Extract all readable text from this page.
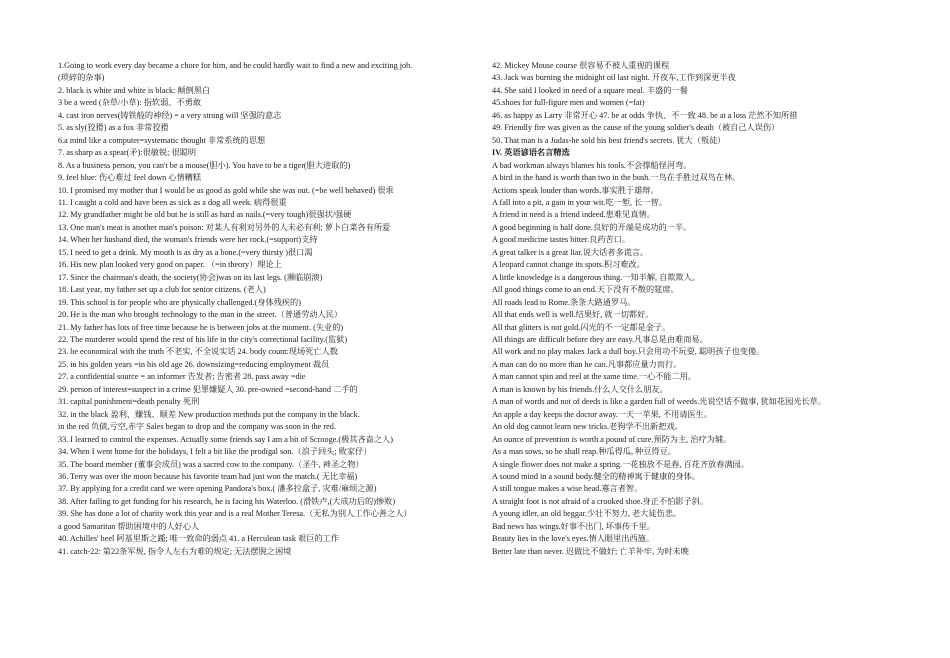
1.Going to work every day became a chore for him, and he could hardly wait to find a new and exciting job.
(琐碎的杂事)
2. black is white and white is black: 颠倒黑白
3 be a weed (杂草/小草): 指软弱、不勇敢
4. cast iron nerves(铸铁般的神经) = a very strong will 坚强的意志
5. as sly(狡猾) as a fox 非常狡猾
6.a mind like a computer=systematic thought 非常系统的思想
7. as sharp as a spear(矛):很敏锐; 很聪明
8. As a business person, you can't be a mouse(胆小). You have to be a tiger(胆大进取的)
9. feel blue: 伤心难过 feel down 心情糟糕
10. I promised my mother that I would be as good as gold while she was out. (=be well behaved) 很乖
11. I caught a cold and have been as sick as a dog all week. 病得很重
12. My grandfather might be old but he is still as hard as nails.(=very tough)很强状/强硬
13. One man's meat is another man's poison: 对某人有利对另外的人未必有利; 萝卜白菜各有所爱
14. When her husband died, the woman's friends were her rock.(=support)支持
15. I need to get a drink. My mouth is as dry as a bone.(=very thirsty )很口渴
16. His new plan looked very good on paper. （=in theory）理论上
17. Since the chairman's death, the society(协会)was on its last legs. (濒临崩溃)
18. Last year, my father set up a club for senior citizens. (老人)
19. This school is for people who are physically challenged.(身体残疾的)
20. He is the man who brought technology to the man in the street.（普通劳动人民）
21. My father has lots of free time because he is between jobs at the moment. (失业的)
22. The murderer would spend the rest of his life in the city's correctional facility.(监狱)
23. be economical with the truth 不老实, 不全说实话 24. body count:现场死亡人数
25. in his golden years =in his old age 26. downsizing=reducing employment 裁员
27. a confidential source = an informer 告发者; 告密者 28. pass away =die
29. person of interest=suspect in a crime 犯罪嫌疑人 30. pre-owned =second-hand 二手的
31. capital punishment=death penalty 死刑
32. in the black 盈利、赚钱、顺差 New production methods put the company in the black.
in the red 负债,亏空,赤字 Sales began to drop and the company was soon in the red.
33. I learned to control the expenses. Actually some friends say I am a bit of Scrooge.(极其吝啬之人)
34. When I went home for the holidays, I felt a bit like the prodigal son.（浪子回头; 败家仔）
35. The board member (董事会成员) was a sacred cow to the company.（圣牛, 神圣之物）
36. Terry was over the moon because his favorite team had just won the match.( 无比幸福)
37. By applying for a credit card we were opening Pandora's box.( 潘多拉盒子, 灾难/麻烦之源)
38. After failing to get funding for his research, he is facing his Waterloo. (滑铁卢,(大成功后的)惨败)
39. She has done a lot of charity work this year and is a real Mother Teresa.（无私为别人工作心善之人）
a good Samaritan 帮助困境中的人好心人
40. Achilles' heel 阿基里斯之踵; 唯一致命的弱点 41. a Herculean task 艰巨的工作
41. catch-22: 第22条军规, 指令人左右为难的规定; 无法摆脱之困境
42. Mickey Mouse course 很容易不被人重视的课程
43. Jack was burning the midnight oil last night. 开夜车,工作到深更半夜
44. She said I looked in need of a square meal. 丰盛的一餐
45.shoes for full-figure men and women (=fat)
46. as happy as Larry 非常开心 47. be at odds 争执、不一致 48. be at a loss 茫然不知所措
49. Friendly fire was given as the cause of the young soldier's death（被自己人误伤）
50. That man is a Judas-he sold his best friend's secrets. 犹大（叛徒）
IV. 英语谚语名言精选
A bad workman always blames his tools.不会撑船怪河弯。
A bird in the hand is worth than two in the bush.一鸟在手胜过双鸟在林。
Actions speak louder than words.事实胜于雄辩。
A fall into a pit, a gain in your wit.吃一堑, 长一智。
A friend in need is a friend indeed.患难见真情。
A good beginning is half done.良好的开端是成功的一半。
A good medicine tastes bitter.良药苦口。
A great talker is a great liar.说大话者多谎言。
A leopard cannot change its spots.积习难改。
A little knowledge is a dangerous thing.一知半解, 自欺欺人。
All good things come to an end.天下没有不散的筵席。
All roads lead to Rome.条条大路通罗马。
All that ends well is well.结果好, 就一切都好。
All that glitters is not gold.闪光的不一定都是金子。
All things are difficult before they are easy.凡事总是由难而易。
All work and no play makes Jack a dull boy.只会用功不玩耍, 聪明孩子也变傻。
A man can do no more than he can.凡事都应量力而行。
A man cannot spin and reel at the same time.一心不能二用。
A man is known by his friends.什么人交什么朋友。
A man of words and not of deeds is like a garden full of weeds.光说空话不做事, 犹如花园光长草。
An apple a day keeps the doctor away.一天一苹果, 不用请医生。
An old dog cannot learn new tricks.老狗学不出新把戏。
An ounce of prevention is worth a pound of cure.预防为主, 治疗为辅。
As a man sows, so he shall reap.种瓜得瓜, 种豆得豆。
A single flower does not make a spring.一花独放不是春, 百花齐放春满园。
A sound mind in a sound body.健全的精神寓于健康的身体。
A still tongue makes a wise head.寡言者智。
A straight foot is not afraid of a crooked shoe.身正不怕影子斜。
A young idler, an old beggar.少壮不努力, 老大徒伤悲。
Bad news has wings.好事不出门, 坏事传千里。
Beauty lies in the love's eyes.情人眼里出西施。
Better late than never. 迟做比不做好; 亡羊补牢, 为时未晚
